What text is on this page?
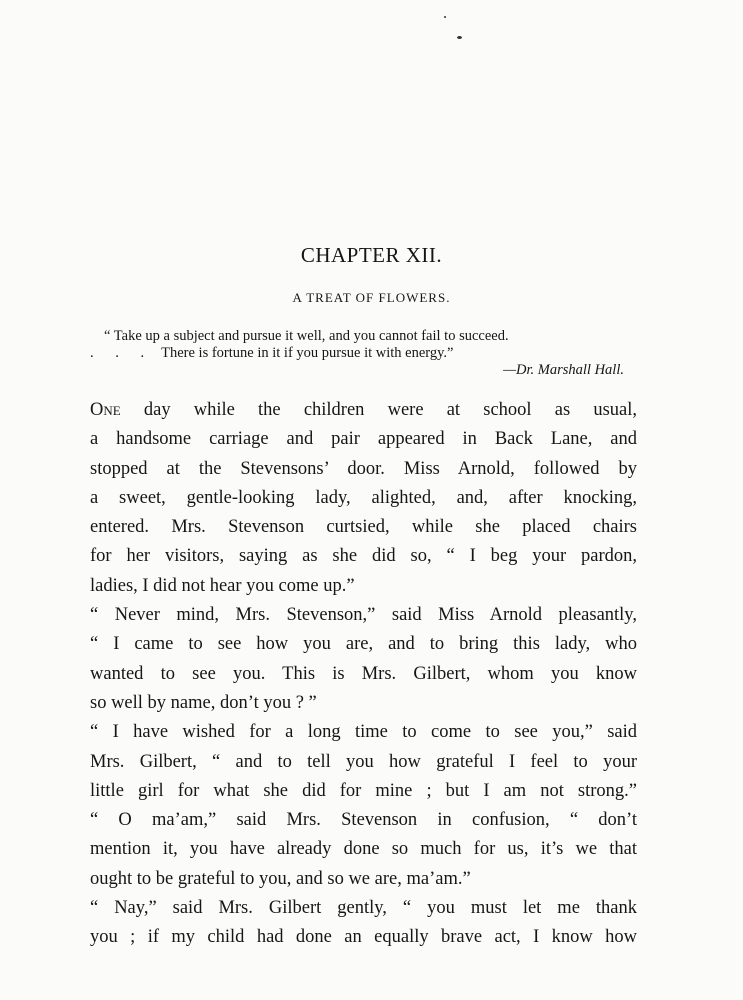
CHAPTER XII.
A TREAT OF FLOWERS.
“ Take up a subject and pursue it well, and you cannot fail to succeed.
. . . There is fortune in it if you pursue it with energy.”
—Dr. Marshall Hall.
One day while the children were at school as usual,
a handsome carriage and pair appeared in Back Lane, and
stopped at the Stevensons’ door. Miss Arnold, followed by
a sweet, gentle-looking lady, alighted, and, after knocking,
entered. Mrs. Stevenson curtsied, while she placed chairs
for her visitors, saying as she did so, “ I beg your pardon,
ladies, I did not hear you come up.”
“ Never mind, Mrs. Stevenson,” said Miss Arnold pleasantly,
“ I came to see how you are, and to bring this lady, who
wanted to see you. This is Mrs. Gilbert, whom you know
so well by name, don’t you ? ”
“ I have wished for a long time to come to see you,” said
Mrs. Gilbert, “ and to tell you how grateful I feel to your
little girl for what she did for mine ; but I am not strong.”
“ O ma’am,” said Mrs. Stevenson in confusion, “ don’t
mention it, you have already done so much for us, it’s we that
ought to be grateful to you, and so we are, ma’am.”
“ Nay,” said Mrs. Gilbert gently, “ you must let me thank
you ; if my child had done an equally brave act, I know how
